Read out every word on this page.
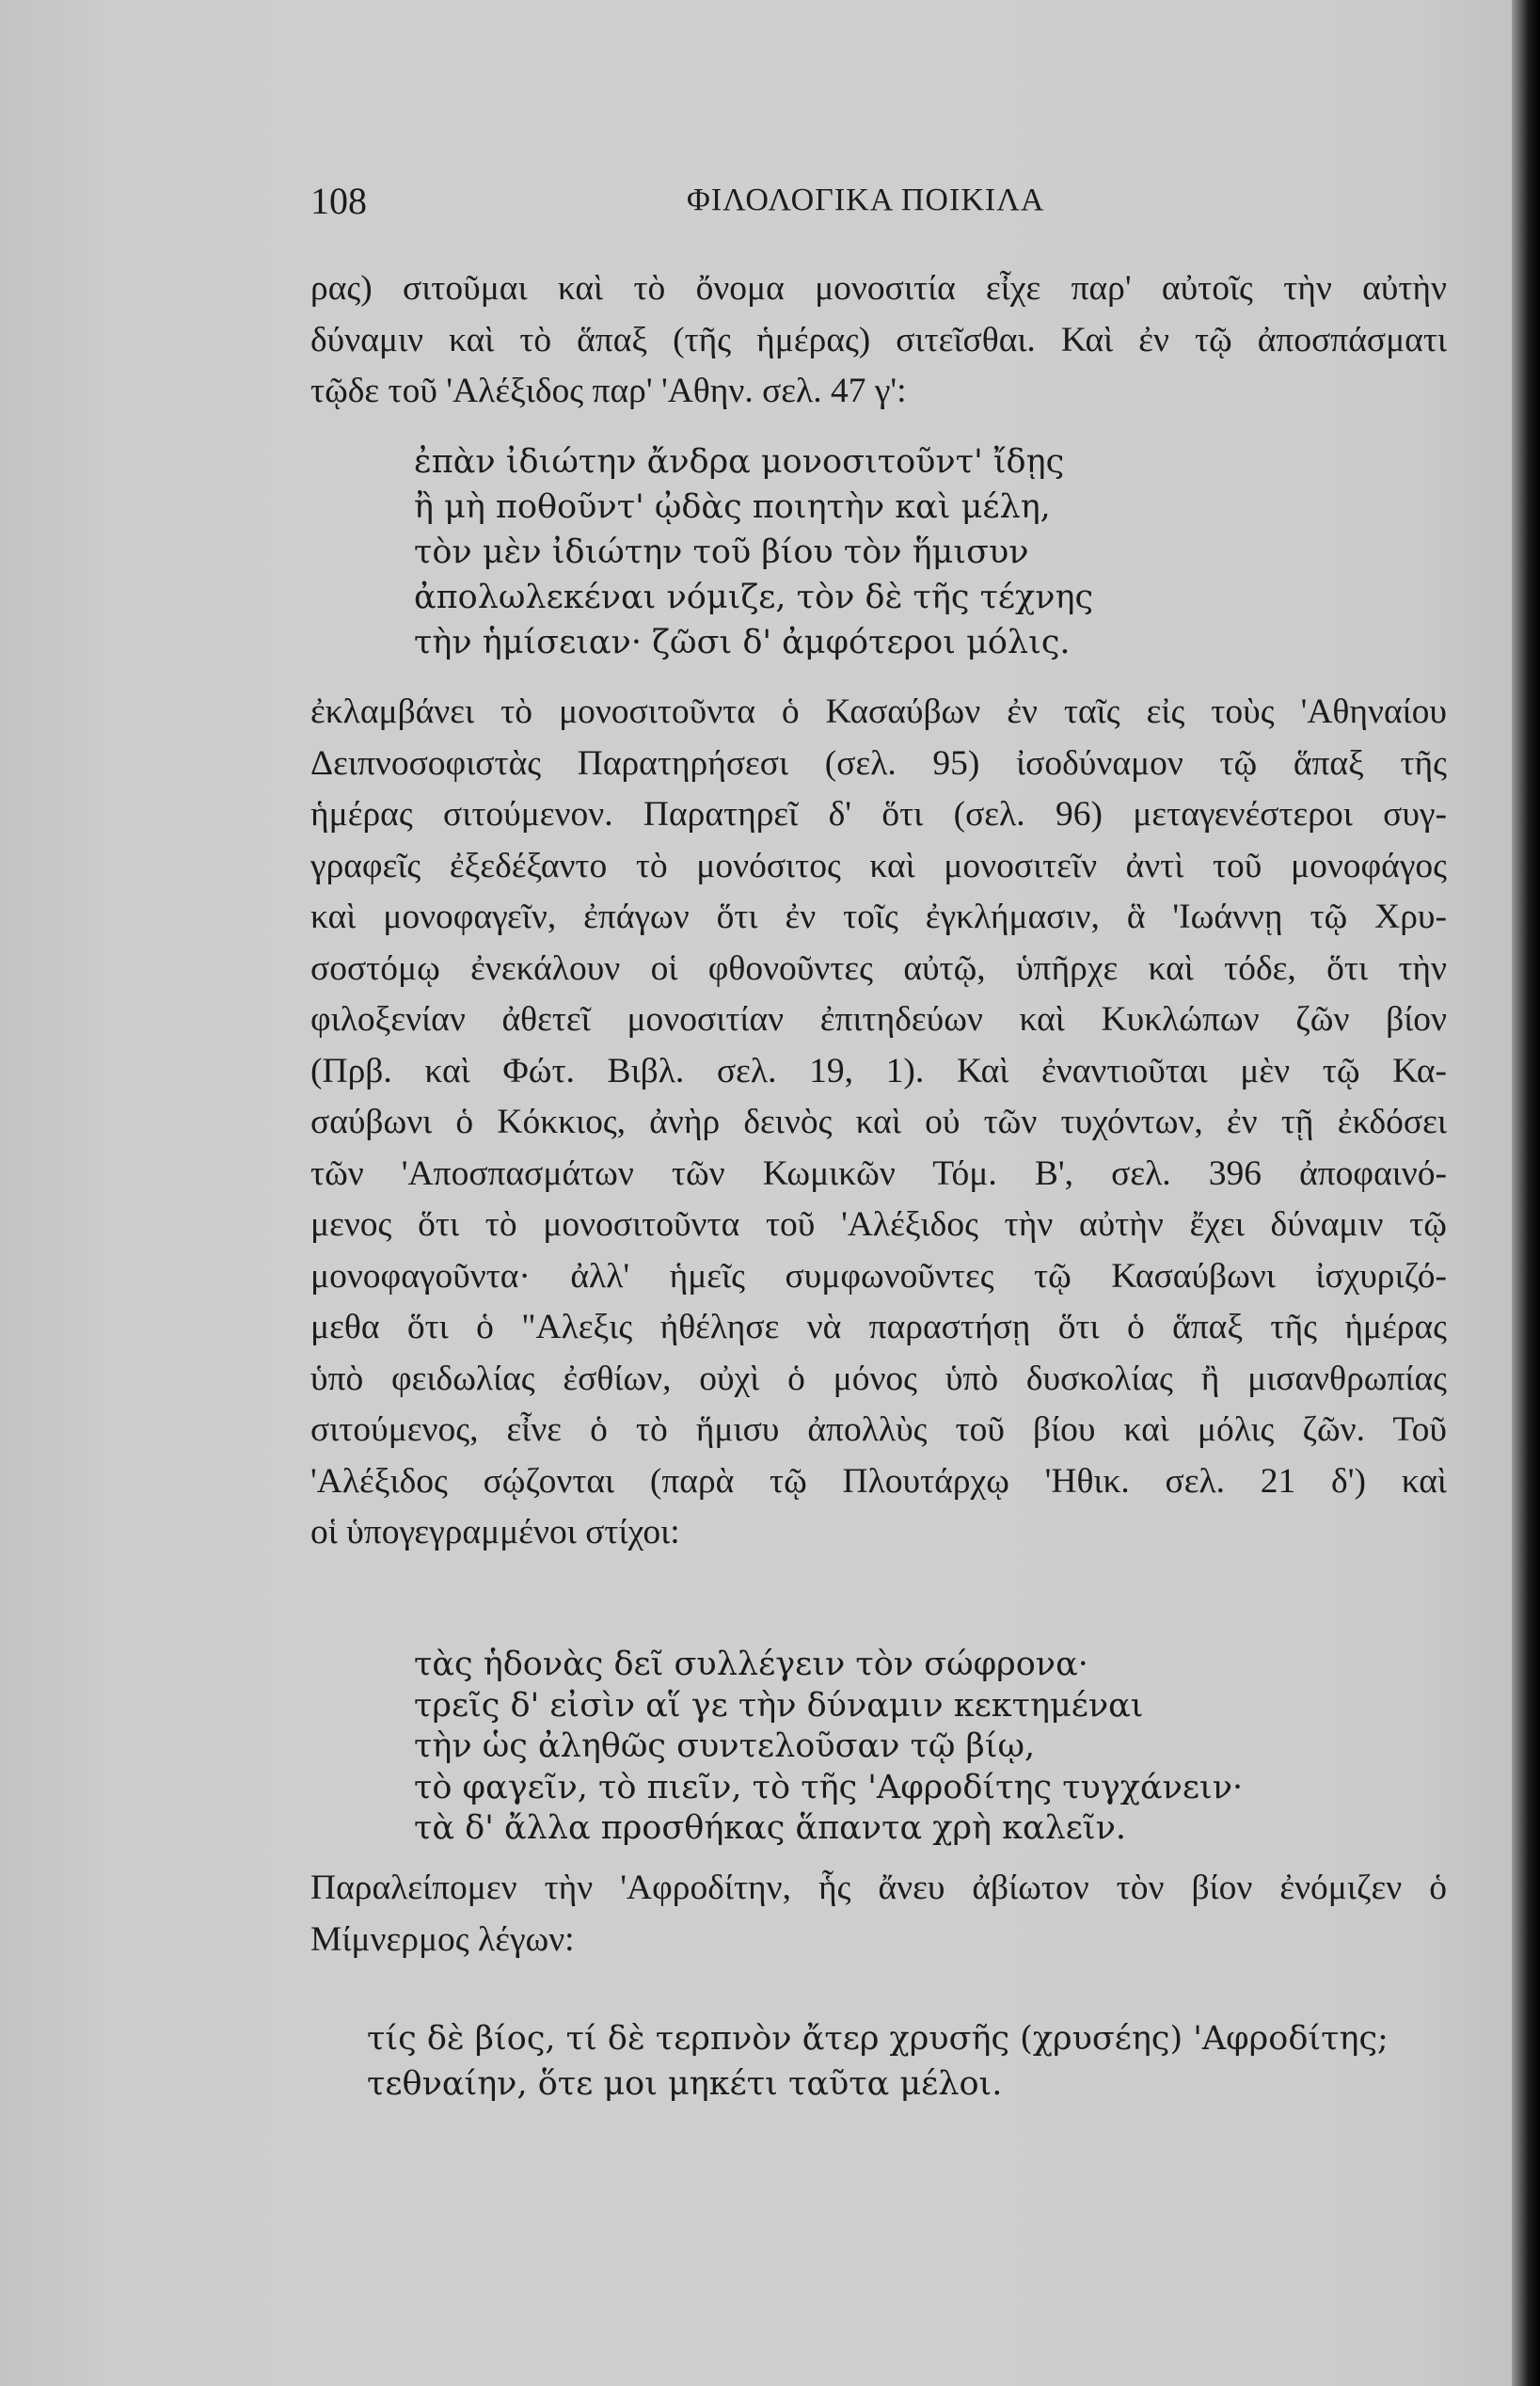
108	ΦΙΛΟΛΟΓΙΚΑ ΠΟΙΚΙΛΑ
ρας) σιτοῦμαι καὶ τὸ ὄνομα μονοσιτία εἶχε παρ' αὐτοῖς τὴν αὐτὴν
δύναμιν καὶ τὸ ἅπαξ (τῆς ἡμέρας) σιτεῖσθαι. Καὶ ἐν τῷ ἀποσπάσματι
τῷδε τοῦ 'Αλέξιδος παρ' 'Αθην. σελ. 47 γ':
ἐπὰν ἰδιώτην ἄνδρα μονοσιτοῦντ' ἴδῃς
ἢ μὴ ποθοῦντ' ᾠδὰς ποιητὴν καὶ μέλη,
τὸν μὲν ἰδιώτην τοῦ βίου τὸν ἥμισυν
ἀπολωλεκέναι νόμιζε, τὸν δὲ τῆς τέχνης
τὴν ἡμίσειαν· ζῶσι δ' ἀμφότεροι μόλις.
ἐκλαμβάνει τὸ μονοσιτοῦντα ὁ Κασαύβων ἐν ταῖς εἰς τοὺς 'Αθηναίου
Δειπνοσοφιστὰς Παρατηρήσεσι (σελ. 95) ἰσοδύναμον τῷ ἅπαξ τῆς
ἡμέρας σιτούμενον. Παρατηρεῖ δ' ὅτι (σελ. 96) μεταγενέστεροι συγ-
γραφεῖς ἐξεδέξαντο τὸ μονόσιτος καὶ μονοσιτεῖν ἀντὶ τοῦ μονοφάγος
καὶ μονοφαγεῖν, ἐπάγων ὅτι ἐν τοῖς ἐγκλήμασιν, ἃ 'Ιωάννῃ τῷ Χρυ-
σοστόμῳ ἐνεκάλουν οἱ φθονοῦντες αὐτῷ, ὑπῆρχε καὶ τόδε, ὅτι τὴν
φιλοξενίαν ἀθετεῖ μονοσιτίαν ἐπιτηδεύων καὶ Κυκλώπων ζῶν βίον
(Πρβ. καὶ Φώτ. Βιβλ. σελ. 19, 1). Καὶ ἐναντιοῦται μὲν τῷ Κα-
σαύβωνι ὁ Κόκκιος, ἀνὴρ δεινὸς καὶ οὐ τῶν τυχόντων, ἐν τῇ ἐκδόσει
τῶν 'Αποσπασμάτων τῶν Κωμικῶν Τόμ. Β', σελ. 396 ἀποφαινό-
μενος ὅτι τὸ μονοσιτοῦντα τοῦ 'Αλέξιδος τὴν αὐτὴν ἔχει δύναμιν τῷ
μονοφαγοῦντα· ἀλλ' ἡμεῖς συμφωνοῦντες τῷ Κασαύβωνι ἰσχυριζό-
μεθα ὅτι ὁ "Αλεξις ἠθέλησε νὰ παραστήσῃ ὅτι ὁ ἅπαξ τῆς ἡμέρας
ὑπὸ φειδωλίας ἐσθίων, οὐχὶ ὁ μόνος ὑπὸ δυσκολίας ἢ μισανθρωπίας
σιτούμενος, εἶνε ὁ τὸ ἥμισυ ἀπολλὺς τοῦ βίου καὶ μόλις ζῶν. Τοῦ
'Αλέξιδος σῴζονται (παρὰ τῷ Πλουτάρχῳ 'Ηθικ. σελ. 21 δ') καὶ
οἱ ὑπογεγραμμένοι στίχοι:
τὰς ἡδονὰς δεῖ συλλέγειν τὸν σώφρονα·
τρεῖς δ' εἰσὶν αἵ γε τὴν δύναμιν κεκτημέναι
τὴν ὡς ἀληθῶς συντελοῦσαν τῷ βίῳ,
τὸ φαγεῖν, τὸ πιεῖν, τὸ τῆς 'Αφροδίτης τυγχάνειν·
τὰ δ' ἄλλα προσθήκας ἅπαντα χρὴ καλεῖν.
Παραλείπομεν τὴν 'Αφροδίτην, ἧς ἄνευ ἀβίωτον τὸν βίον ἐνόμιζεν ὁ
Μίμνερμος λέγων:
τίς δὲ βίος, τί δὲ τερπνὸν ἄτερ χρυσῆς (χρυσέης) 'Αφροδίτης;
τεθναίην, ὅτε μοι μηκέτι ταῦτα μέλοι.
